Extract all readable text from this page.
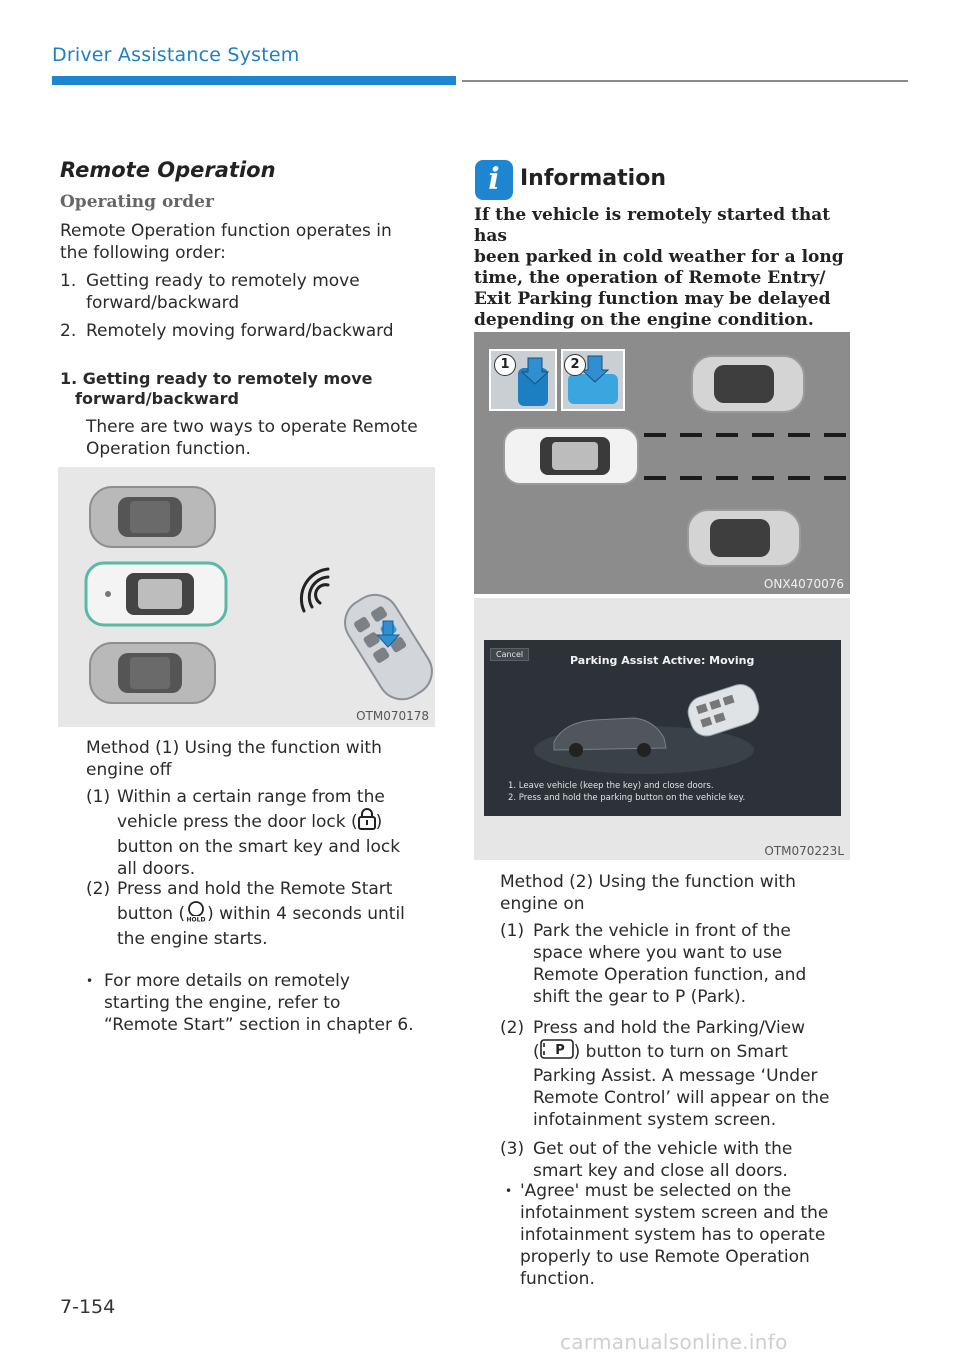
Driver Assistance System
Remote Operation
Operating order
Remote Operation function operates in
the following order:
1. Getting ready to remotely move
forward/backward
2. Remotely moving forward/backward
1. Getting ready to remotely move
forward/backward
There are two ways to operate Remote
Operation function.
OTM070178
Method (1) Using the function with
engine off
(1) Within a certain range from the
vehicle press the door lock ( )
button on the smart key and lock
all doors.
(2) Press and hold the Remote Start
button ( HOLD ) within 4 seconds until
the engine starts.
• For more details on remotely
starting the engine, refer to
“Remote Start” section in chapter 6.
7-154
i Information
If the vehicle is remotely started that has
been parked in cold weather for a long
time, the operation of Remote Entry/
Exit Parking function may be delayed
depending on the engine condition.
1	2
ONX4070076
Cancel	Parking Assist Active: Moving
1. Leave vehicle (keep the key) and close doors.
2. Press and hold the parking button on the vehicle key.
OTM070223L
Method (2) Using the function with
engine on
(1) Park the vehicle in front of the
space where you want to use
Remote Operation function, and
shift the gear to P (Park).
(2) Press and hold the Parking/View
( P ) button to turn on Smart
Parking Assist. A message ‘Under
Remote Control’ will appear on the
infotainment system screen.
(3) Get out of the vehicle with the
smart key and close all doors.
• 'Agree' must be selected on the
infotainment system screen and the
infotainment system has to operate
properly to use Remote Operation
function.
carmanualsonline.info
